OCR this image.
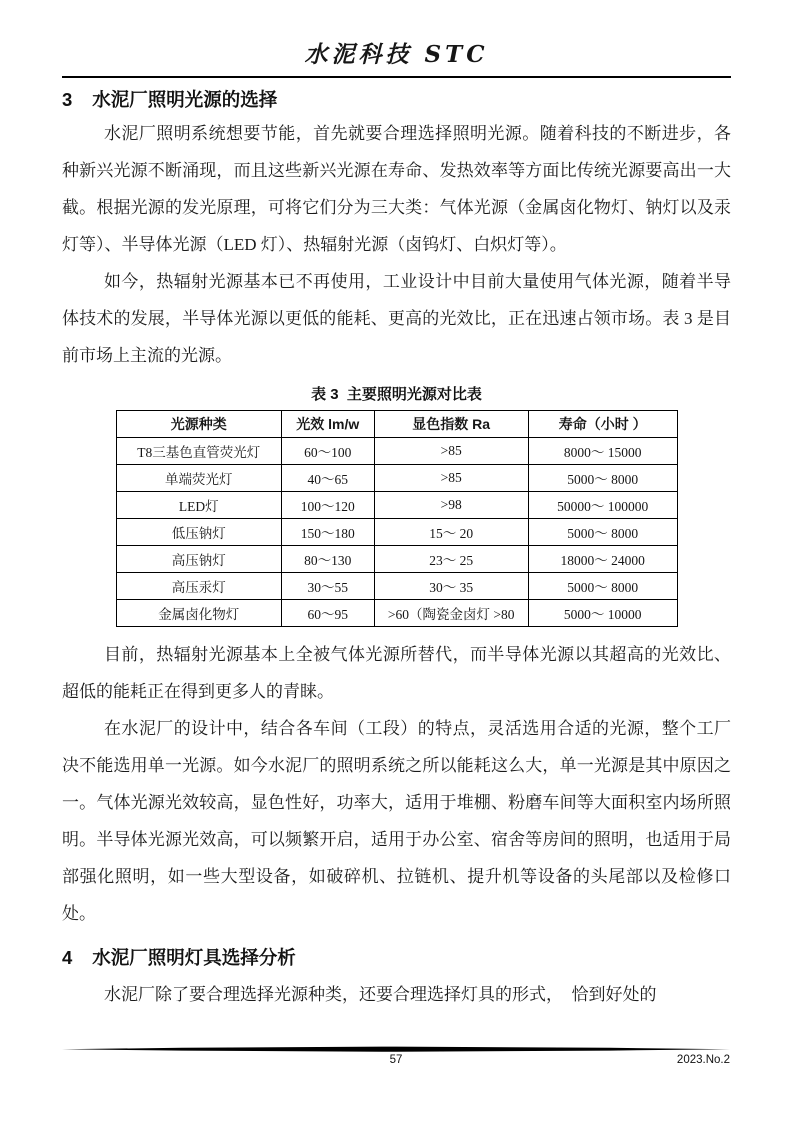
水泥科技 STC
3 水泥厂照明光源的选择

水泥厂照明系统想要节能，首先就要合理选择照明光源。随着科技的不断进步，各种新兴光源不断涌现，而且这些新兴光源在寿命、发热效率等方面比传统光源要高出一大截。根据光源的发光原理，可将它们分为三大类：气体光源（金属卤化物灯、钠灯以及汞灯等）、半导体光源（LED 灯）、热辐射光源（卤钨灯、白炽灯等）。

如今，热辐射光源基本已不再使用，工业设计中目前大量使用气体光源，随着半导体技术的发展，半导体光源以更低的能耗、更高的光效比，正在迅速占领市场。表 3 是目前市场上主流的光源。

表 3  主要照明光源对比表
光源种类	光效 lm/w	显色指数 Ra	寿命（小时 ）
T8三基色直管荧光灯	60～100	>85	8000～ 15000
单端荧光灯	40～65	>85	5000～ 8000
LED灯	100～120	>98	50000～ 100000
低压钠灯	150～180	15～ 20	5000～ 8000
高压钠灯	80～130	23～ 25	18000～ 24000
高压汞灯	30～55	30～ 35	5000～ 8000
金属卤化物灯	60～95	>60（陶瓷金卤灯 >80	5000～ 10000

目前，热辐射光源基本上全被气体光源所替代，而半导体光源以其超高的光效比、超低的能耗正在得到更多人的青睐。

在水泥厂的设计中，结合各车间（工段）的特点，灵活选用合适的光源，整个工厂决不能选用单一光源。如今水泥厂的照明系统之所以能耗这么大，单一光源是其中原因之一。气体光源光效较高，显色性好，功率大，适用于堆棚、粉磨车间等大面积室内场所照明。半导体光源光效高，可以频繁开启，适用于办公室、宿舍等房间的照明，也适用于局部强化照明，如一些大型设备，如破碎机、拉链机、提升机等设备的头尾部以及检修口处。

4 水泥厂照明灯具选择分析

水泥厂除了要合理选择光源种类，还要合理选择灯具的形式，　恰到好处的

57	2023.No.2
